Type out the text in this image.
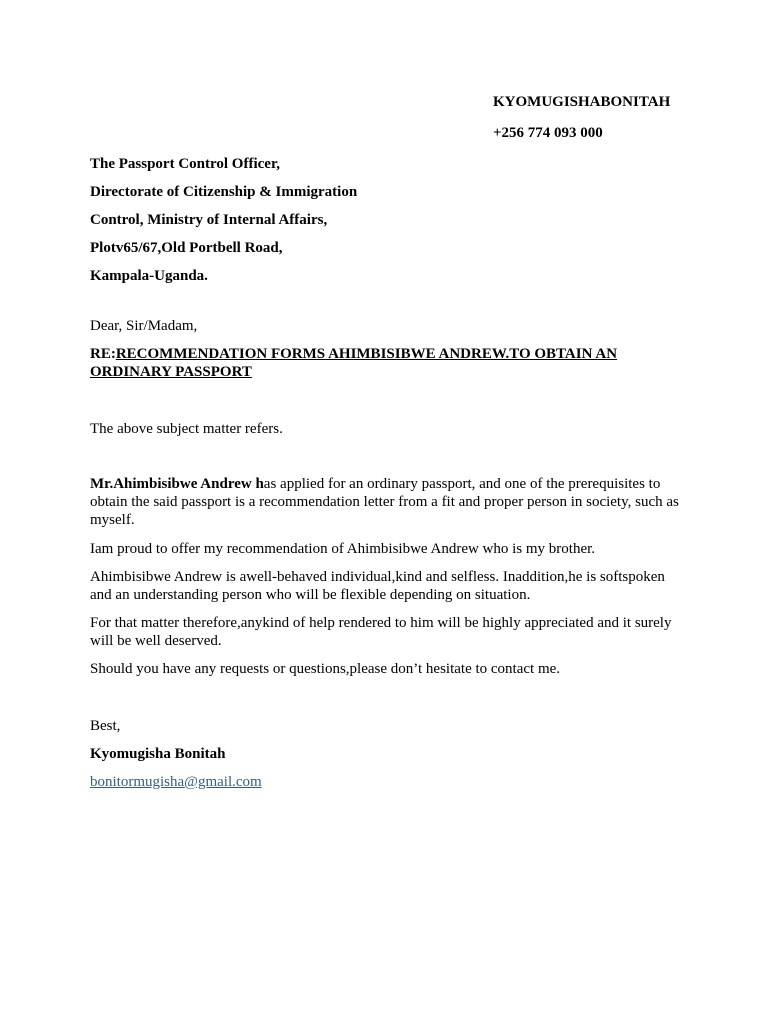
KYOMUGISHABONITAH
+256 774 093 000
The Passport Control Officer,
Directorate of Citizenship & Immigration
Control, Ministry of Internal Affairs,
Plotv65/67,Old Portbell Road,
Kampala-Uganda.
Dear, Sir/Madam,
RE:RECOMMENDATION FORMS AHIMBISIBWE ANDREW.TO OBTAIN AN ORDINARY PASSPORT
The above subject matter refers.
Mr.Ahimbisibwe Andrew has applied for an ordinary passport, and one of the prerequisites to obtain the said passport is a recommendation letter from a fit and proper person in society, such as myself.
Iam proud to offer my recommendation of Ahimbisibwe Andrew who is my brother.
Ahimbisibwe Andrew is awell-behaved individual,kind and selfless. Inaddition,he is softspoken and an understanding person who will be flexible depending on situation.
For that matter therefore,anykind of help rendered to him will be highly appreciated and it surely will be well deserved.
Should you have any requests or questions,please don’t hesitate to contact me.
Best,
Kyomugisha Bonitah
bonitormugisha@gmail.com
